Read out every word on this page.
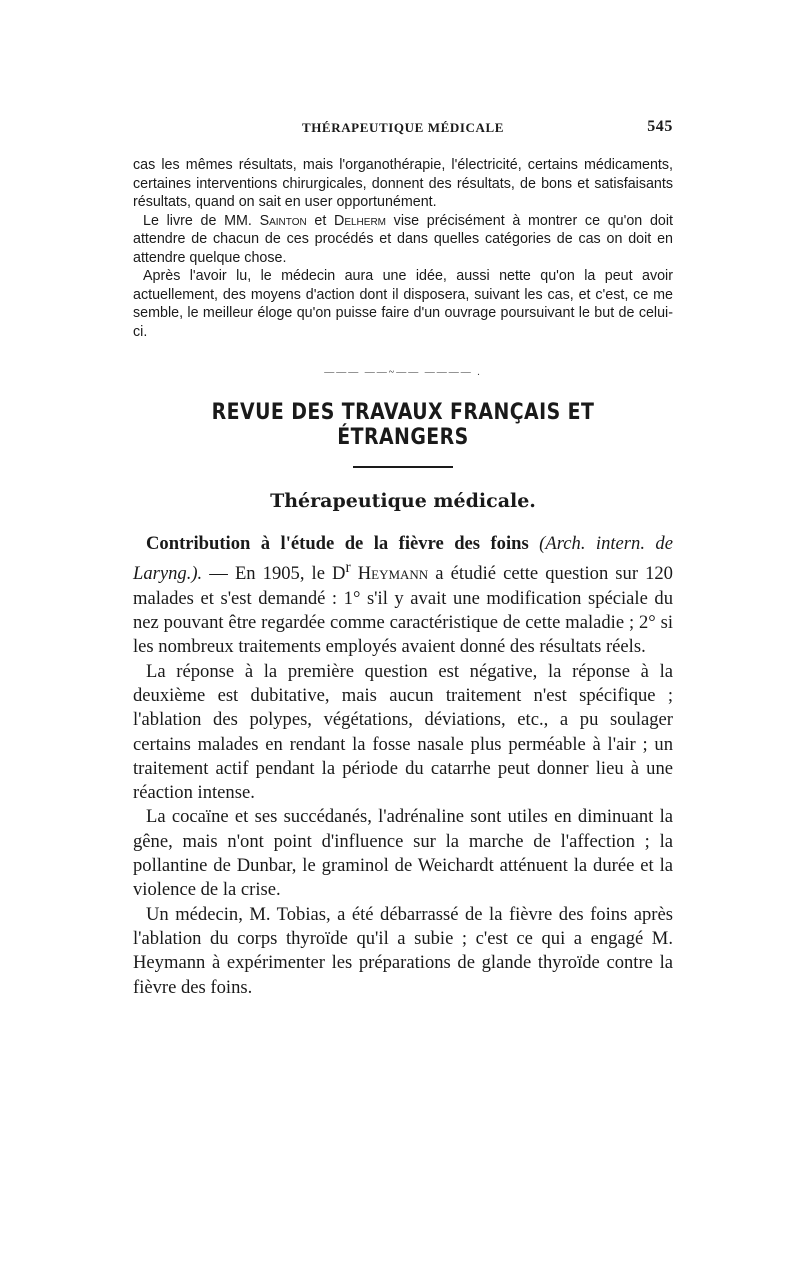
THÉRAPEUTIQUE MÉDICALE	545

cas les mêmes résultats, mais l'organothérapie, l'électricité, certains médicaments, certaines interventions chirurgicales, donnent des résultats, de bons et satisfaisants résultats, quand on sait en user opportunément.

Le livre de MM. Sainton et Delherm vise précisément à montrer ce qu'on doit attendre de chacun de ces procédés et dans quelles catégories de cas on doit en attendre quelque chose.

Après l'avoir lu, le médecin aura une idée, aussi nette qu'on la peut avoir actuellement, des moyens d'action dont il disposera, suivant les cas, et c'est, ce me semble, le meilleur éloge qu'on puisse faire d'un ouvrage poursuivant le but de celui-ci.

——— ——~—— ———— .
REVUE DES TRAVAUX FRANÇAIS ET ÉTRANGERS
Thérapeutique médicale.

Contribution à l'étude de la fièvre des foins (Arch. intern. de Laryng.). — En 1905, le $D^r$ Heymann a étudié cette question sur 120 malades et s'est demandé : 1° s'il y avait une modification spéciale du nez pouvant être regardée comme caractéristique de cette maladie ; 2° si les nombreux traitements employés avaient donné des résultats réels.

La réponse à la première question est négative, la réponse à la deuxième est dubitative, mais aucun traitement n'est spécifique ; l'ablation des polypes, végétations, déviations, etc., a pu soulager certains malades en rendant la fosse nasale plus perméable à l'air ; un traitement actif pendant la période du catarrhe peut donner lieu à une réaction intense.

La cocaïne et ses succédanés, l'adrénaline sont utiles en diminuant la gêne, mais n'ont point d'influence sur la marche de l'affection ; la pollantine de Dunbar, le graminol de Weichardt atténuent la durée et la violence de la crise.

Un médecin, M. Tobias, a été débarrassé de la fièvre des foins après l'ablation du corps thyroïde qu'il a subie ; c'est ce qui a engagé M. Heymann à expérimenter les préparations de glande thyroïde contre la fièvre des foins.
